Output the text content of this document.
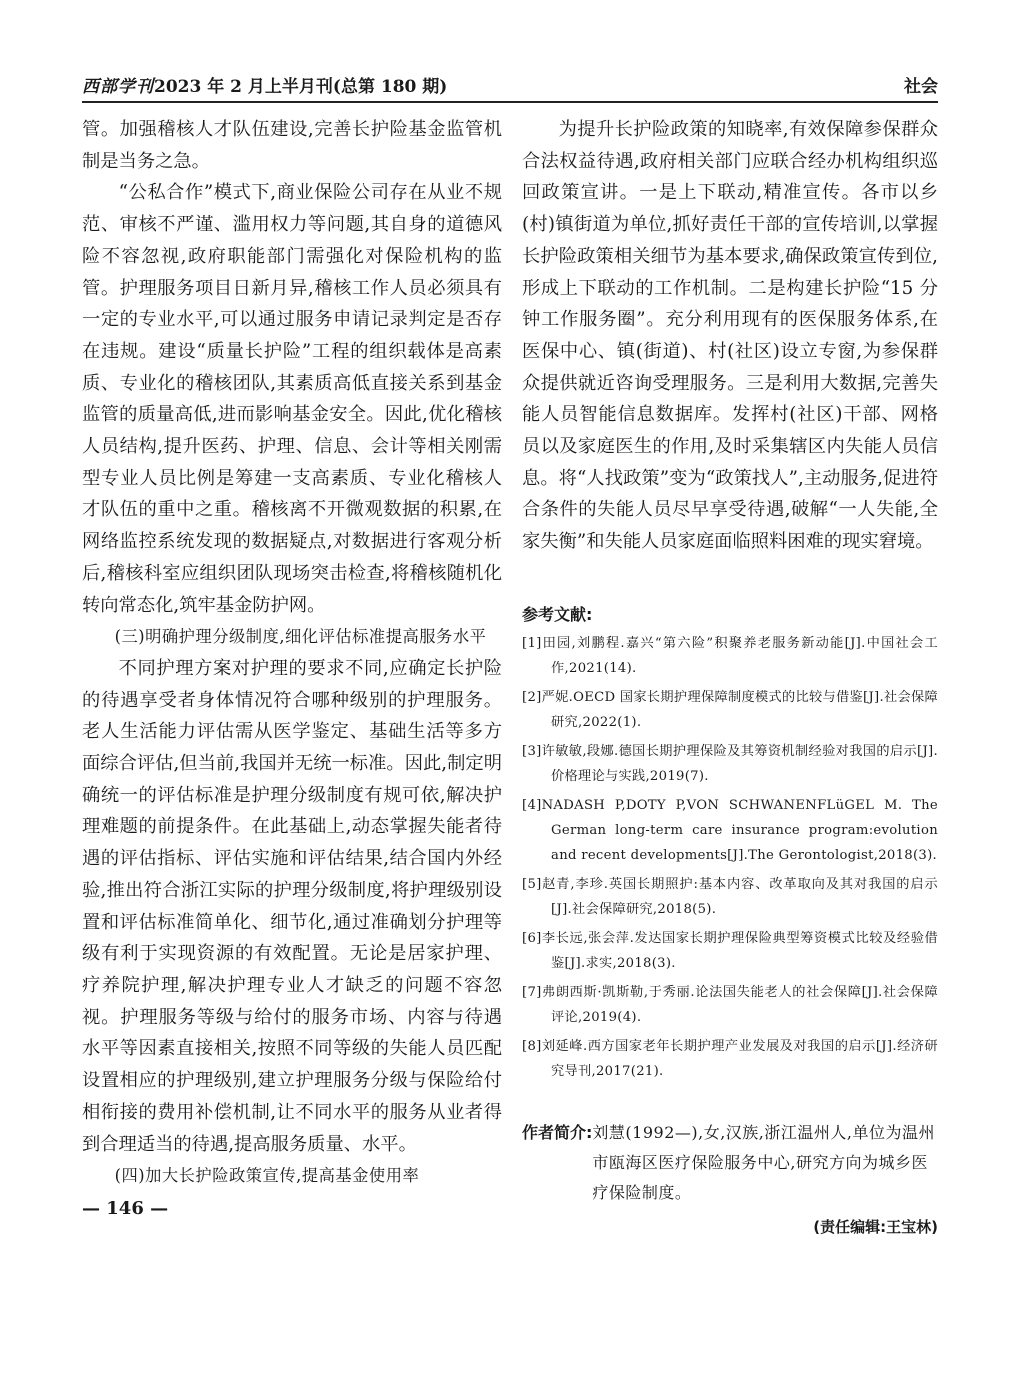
西部学刊2023 年 2 月上半月刊(总第 180 期)	社会

管。加强稽核人才队伍建设,完善长护险基金监管机制是当务之急。

“公私合作”模式下,商业保险公司存在从业不规范、审核不严谨、滥用权力等问题,其自身的道德风险不容忽视,政府职能部门需强化对保险机构的监管。护理服务项目日新月异,稽核工作人员必须具有一定的专业水平,可以通过服务申请记录判定是否存在违规。建设“质量长护险”工程的组织载体是高素质、专业化的稽核团队,其素质高低直接关系到基金监管的质量高低,进而影响基金安全。因此,优化稽核人员结构,提升医药、护理、信息、会计等相关刚需型专业人员比例是筹建一支高素质、专业化稽核人才队伍的重中之重。稽核离不开微观数据的积累,在网络监控系统发现的数据疑点,对数据进行客观分析后,稽核科室应组织团队现场突击检查,将稽核随机化转向常态化,筑牢基金防护网。

(三)明确护理分级制度,细化评估标准提高服务水平

不同护理方案对护理的要求不同,应确定长护险的待遇享受者身体情况符合哪种级别的护理服务。老人生活能力评估需从医学鉴定、基础生活等多方面综合评估,但当前,我国并无统一标准。因此,制定明确统一的评估标准是护理分级制度有规可依,解决护理难题的前提条件。在此基础上,动态掌握失能者待遇的评估指标、评估实施和评估结果,结合国内外经验,推出符合浙江实际的护理分级制度,将护理级别设置和评估标准简单化、细节化,通过准确划分护理等级有利于实现资源的有效配置。无论是居家护理、疗养院护理,解决护理专业人才缺乏的问题不容忽视。护理服务等级与给付的服务市场、内容与待遇水平等因素直接相关,按照不同等级的失能人员匹配设置相应的护理级别,建立护理服务分级与保险给付相衔接的费用补偿机制,让不同水平的服务从业者得到合理适当的待遇,提高服务质量、水平。

(四)加大长护险政策宣传,提高基金使用率

为提升长护险政策的知晓率,有效保障参保群众合法权益待遇,政府相关部门应联合经办机构组织巡回政策宣讲。一是上下联动,精准宣传。各市以乡(村)镇街道为单位,抓好责任干部的宣传培训,以掌握长护险政策相关细节为基本要求,确保政策宣传到位,形成上下联动的工作机制。二是构建长护险“15 分钟工作服务圈”。充分利用现有的医保服务体系,在医保中心、镇(街道)、村(社区)设立专窗,为参保群众提供就近咨询受理服务。三是利用大数据,完善失能人员智能信息数据库。发挥村(社区)干部、网格员以及家庭医生的作用,及时采集辖区内失能人员信息。将“人找政策”变为“政策找人”,主动服务,促进符合条件的失能人员尽早享受待遇,破解“一人失能,全家失衡”和失能人员家庭面临照料困难的现实窘境。

参考文献:

[1]田园,刘鹏程.嘉兴“第六险”积聚养老服务新动能[J].中国社会工作,2021(14).

[2]严妮.OECD 国家长期护理保障制度模式的比较与借鉴[J].社会保障研究,2022(1).

[3]许敏敏,段娜.德国长期护理保险及其筹资机制经验对我国的启示[J].价格理论与实践,2019(7).

[4]NADASH P,DOTY P,VON SCHWANENFLüGEL M. The German long-term care insurance program:evolution and recent developments[J].The Gerontologist,2018(3).

[5]赵青,李珍.英国长期照护:基本内容、改革取向及其对我国的启示[J].社会保障研究,2018(5).

[6]李长远,张会萍.发达国家长期护理保险典型筹资模式比较及经验借鉴[J].求实,2018(3).

[7]弗朗西斯·凯斯勒,于秀丽.论法国失能老人的社会保障[J].社会保障评论,2019(4).

[8]刘延峰.西方国家老年长期护理产业发展及对我国的启示[J].经济研究导刊,2017(21).

作者简介: 刘慧(1992—),女,汉族,浙江温州人,单位为温州市瓯海区医疗保险服务中心,研究方向为城乡医疗保险制度。
(责任编辑:王宝林)
— 146 —
